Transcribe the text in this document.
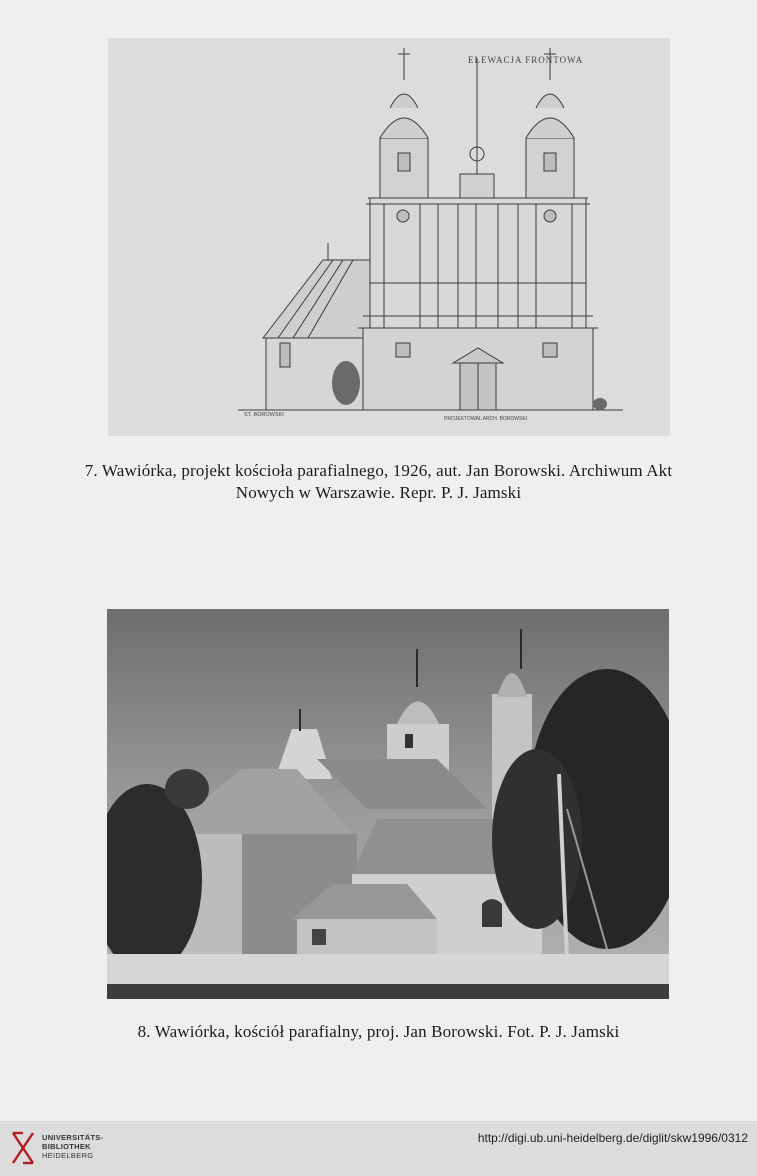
ELEWACJA FRONTOWA
ST. BOROWSKI
PROJEKTOWAŁ ARCH. BOROWSKI
7. Wawiórka, projekt kościoła parafialnego, 1926, aut. Jan Borowski. Archiwum Akt
Nowych w Warszawie. Repr. P. J. Jamski
8. Wawiórka, kościół parafialny, proj. Jan Borowski. Fot. P. J. Jamski
UNIVERSITÄTS-
BIBLIOTHEK
HEIDELBERG
http://digi.ub.uni-heidelberg.de/diglit/skw1996/0312
